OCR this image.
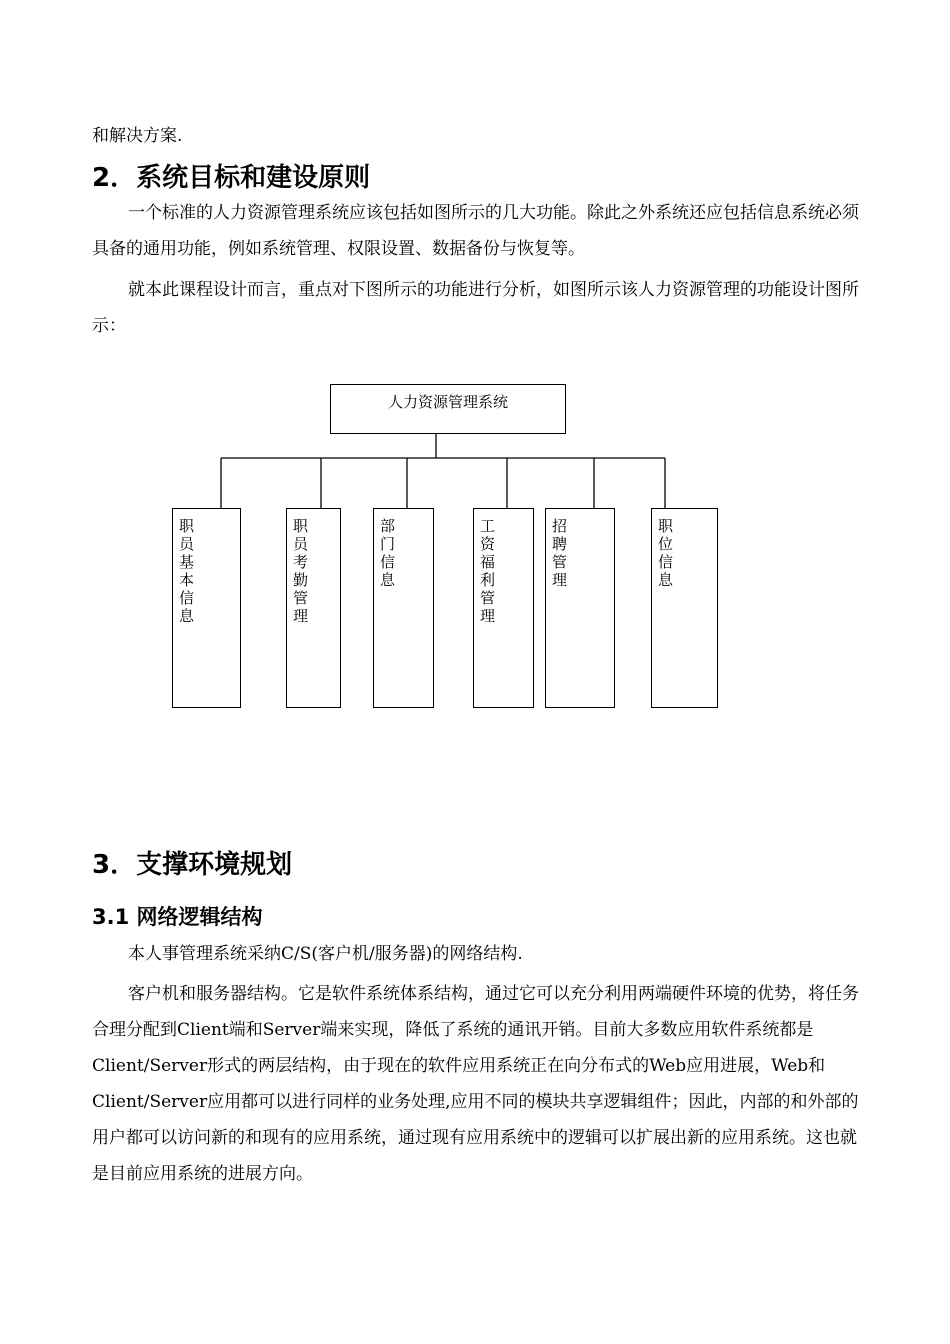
和解决方案.

2．系统目标和建设原则

一个标准的人力资源管理系统应该包括如图所示的几大功能。除此之外系统还应包括信息系统必须具备的通用功能，例如系统管理、权限设置、数据备份与恢复等。

就本此课程设计而言，重点对下图所示的功能进行分析，如图所示该人力资源管理的功能设计图所示：

人力资源管理系统
职员基本信息
职员考勤管理
部门信息
工资福利管理
招聘管理
职位信息
3．支撑环境规划
3.1 网络逻辑结构

本人事管理系统采纳C/S(客户机/服务器)的网络结构.

客户机和服务器结构。它是软件系统体系结构，通过它可以充分利用两端硬件环境的优势，将任务合理分配到Client端和Server端来实现，降低了系统的通讯开销。目前大多数应用软件系统都是Client/Server形式的两层结构，由于现在的软件应用系统正在向分布式的Web应用进展，Web和Client/Server应用都可以进行同样的业务处理,应用不同的模块共享逻辑组件；因此，内部的和外部的用户都可以访问新的和现有的应用系统，通过现有应用系统中的逻辑可以扩展出新的应用系统。这也就是目前应用系统的进展方向。
